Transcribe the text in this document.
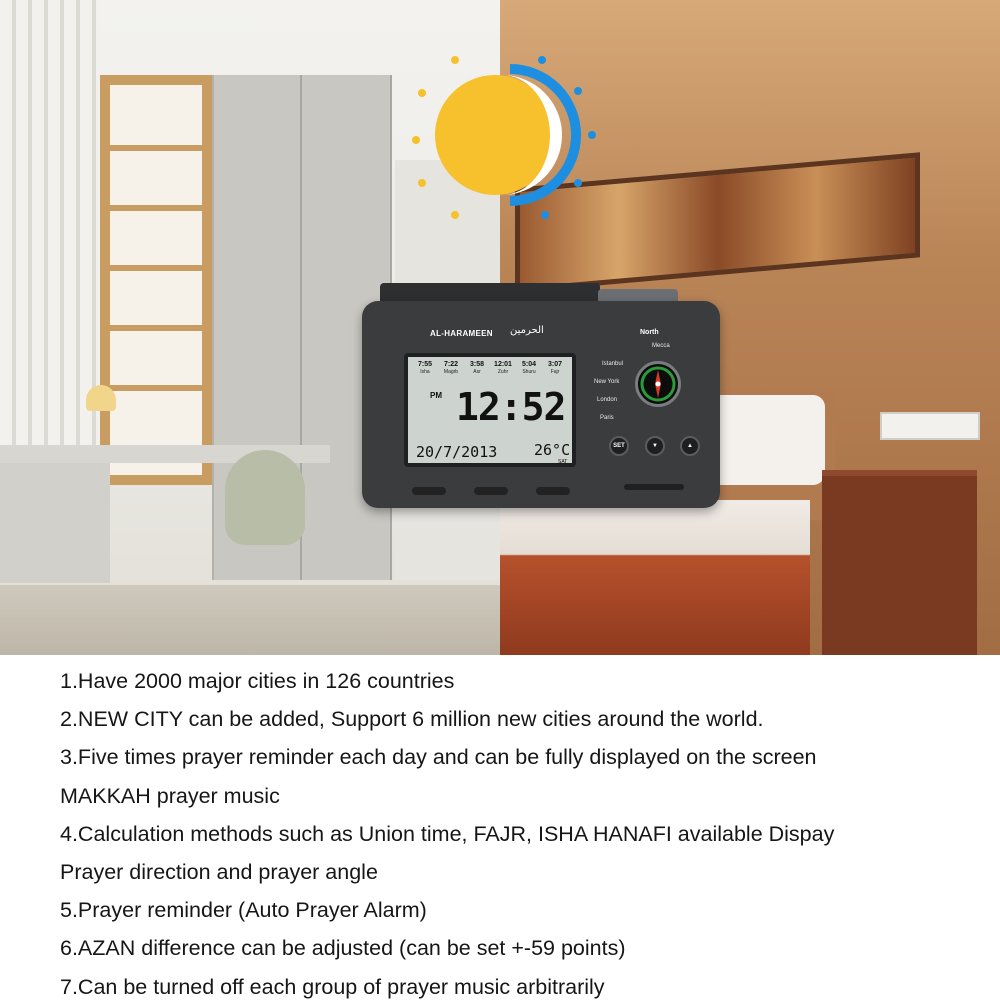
AL-HARAMEEN الحرمين
7:55
Isha
7:22
Magrb
3:58
Asr
12:01
Zuhr
5:04
Shuru
3:07
Fajr
PM 12:52
20/7/2013 26°C
SAT
North
Mecca
Istanbul
New York
London
Paris
SET	▼	▲
1.Have 2000 major cities in 126 countries
2.NEW CITY can be added, Support 6 million new cities around the world.
3.Five times prayer reminder each day and can be fully displayed on the screen
MAKKAH prayer music
4.Calculation methods such as Union time, FAJR, ISHA HANAFI available Dispay
Prayer direction and prayer angle
5.Prayer reminder (Auto Prayer Alarm)
6.AZAN difference can be adjusted (can be set +-59 points)
7.Can be turned off each group of prayer music arbitrarily
